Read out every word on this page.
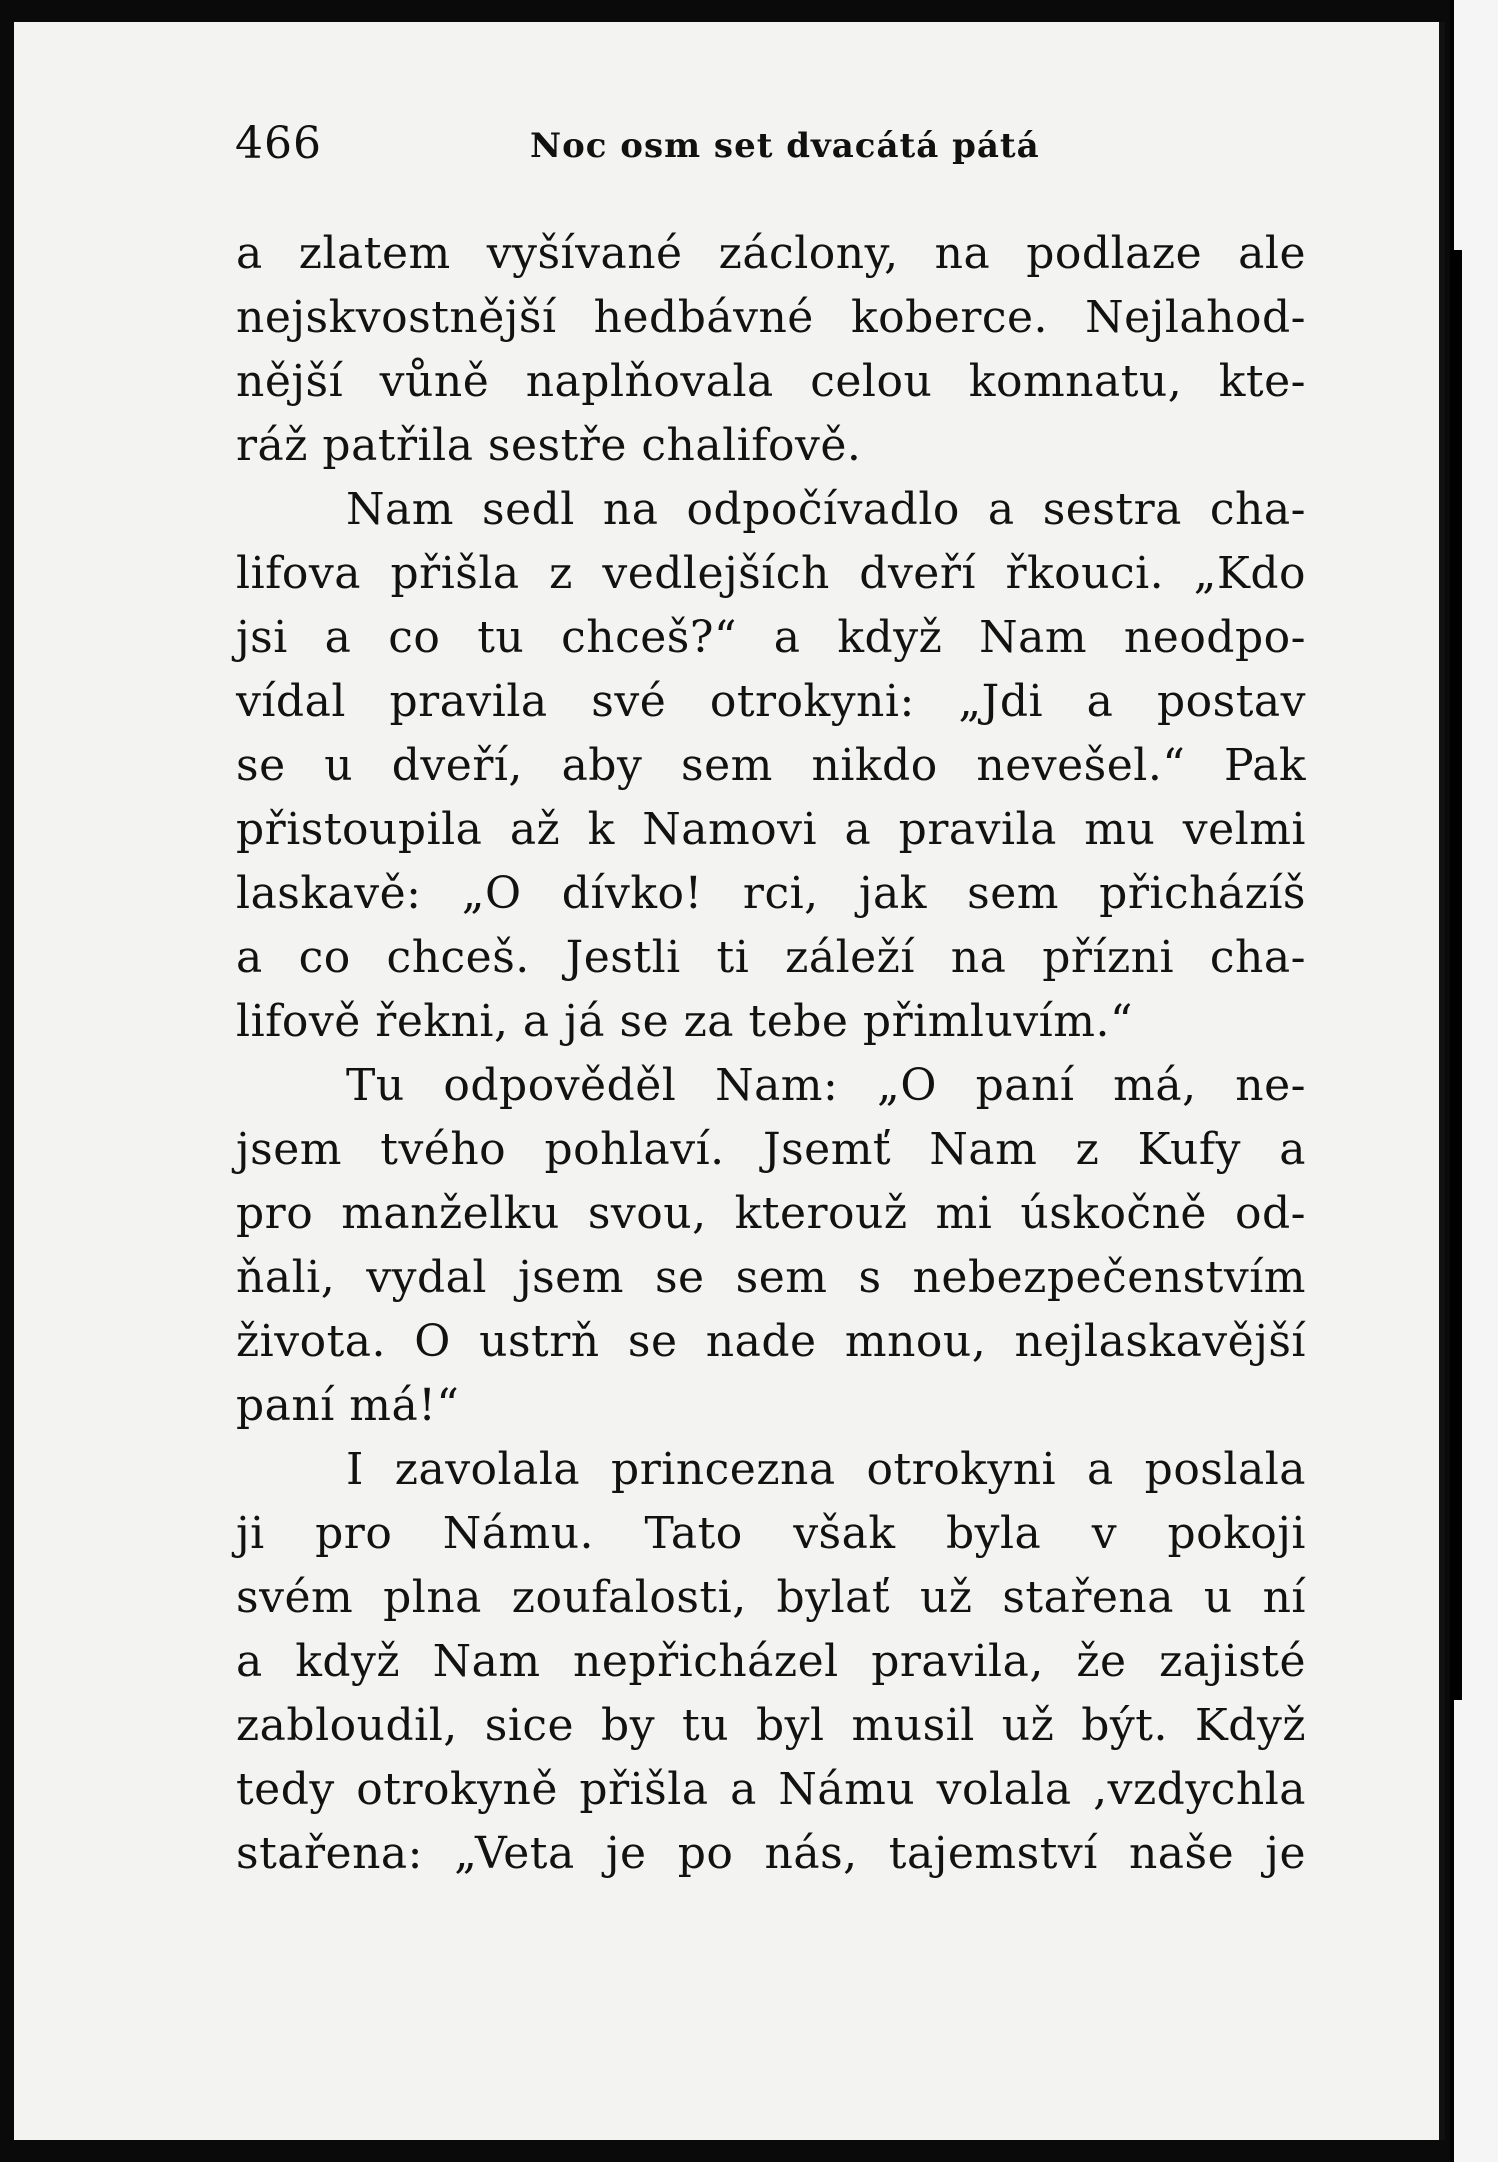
466	Noc osm set dvacátá pátá
a zlatem vyšívané záclony, na podlaze ale
nejskvostnější hedbávné koberce. Nejlahod-
nější vůně naplňovala celou komnatu, kte-
ráž patřila sestře chalifově.
Nam sedl na odpočívadlo a sestra cha-
lifova přišla z vedlejších dveří řkouci. „Kdo
jsi a co tu chceš?“ a když Nam neodpo-
vídal pravila své otrokyni: „Jdi a postav
se u dveří, aby sem nikdo nevešel.“ Pak
přistoupila až k Namovi a pravila mu velmi
laskavě: „O dívko! rci, jak sem přicházíš
a co chceš. Jestli ti záleží na přízni cha-
lifově řekni, a já se za tebe přimluvím.“
Tu odpověděl Nam: „O paní má, ne-
jsem tvého pohlaví. Jsemť Nam z Kufy a
pro manželku svou, kterouž mi úskočně od-
ňali, vydal jsem se sem s nebezpečenstvím
života. O ustrň se nade mnou, nejlaskavější
paní má!“
I zavolala princezna otrokyni a poslala
ji pro Námu. Tato však byla v pokoji
svém plna zoufalosti, bylať už stařena u ní
a když Nam nepřicházel pravila, že zajisté
zabloudil, sice by tu byl musil už být. Když
tedy otrokyně přišla a Námu volala ,vzdychla
stařena: „Veta je po nás, tajemství naše je
